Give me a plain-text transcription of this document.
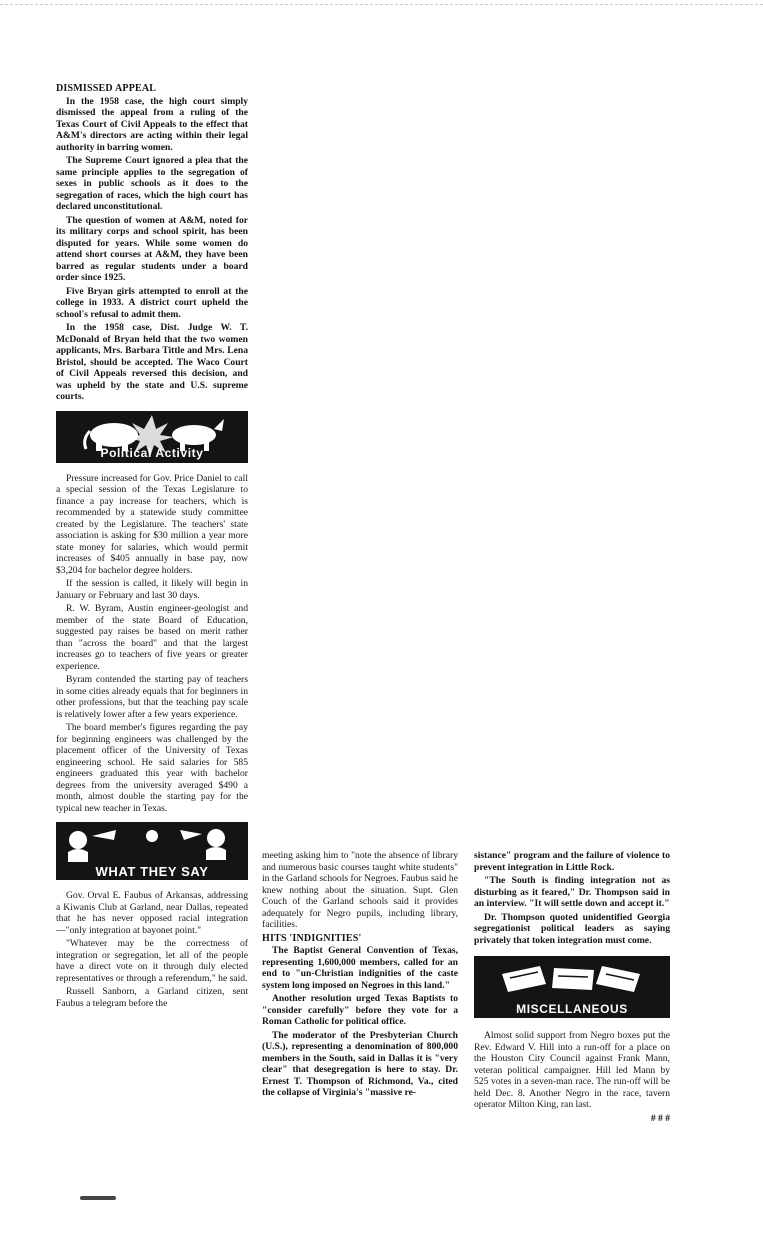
DISMISSED APPEAL

In the 1958 case, the high court simply dismissed the appeal from a ruling of the Texas Court of Civil Appeals to the effect that A&M's directors are acting within their legal authority in barring women.

The Supreme Court ignored a plea that the same principle applies to the segregation of sexes in public schools as it does to the segregation of races, which the high court has declared unconstitutional.

The question of women at A&M, noted for its military corps and school spirit, has been disputed for years. While some women do attend short courses at A&M, they have been barred as regular students under a board order since 1925.

Five Bryan girls attempted to enroll at the college in 1933. A district court upheld the school's refusal to admit them.

In the 1958 case, Dist. Judge W. T. McDonald of Bryan held that the two women applicants, Mrs. Barbara Tittle and Mrs. Lena Bristol, should be accepted. The Waco Court of Civil Appeals reversed this decision, and was upheld by the state and U.S. supreme courts.

Political Activity

Pressure increased for Gov. Price Daniel to call a special session of the Texas Legislature to finance a pay increase for teachers, which is recommended by a statewide study committee created by the Legislature. The teachers' state association is asking for $30 million a year more state money for salaries, which would permit increases of $405 annually in base pay, now $3,204 for bachelor degree holders.

If the session is called, it likely will begin in January or February and last 30 days.

R. W. Byram, Austin engineer-geologist and member of the state Board of Education, suggested pay raises be based on merit rather than "across the board" and that the largest increases go to teachers of five years or greater experience.

Byram contended the starting pay of teachers in some cities already equals that for beginners in other professions, but that the teaching pay scale is relatively lower after a few years experience.

The board member's figures regarding the pay for beginning engineers was challenged by the placement officer of the University of Texas engineering school. He said salaries for 585 engineers graduated this year with bachelor degrees from the university averaged $490 a month, almost double the starting pay for the typical new teacher in Texas.

WHAT THEY SAY

Gov. Orval E. Faubus of Arkansas, addressing a Kiwanis Club at Garland, near Dallas, repeated that he has never opposed racial integration—"only integration at bayonet point."

"Whatever may be the correctness of integration or segregation, let all of the people have a direct vote on it through duly elected representatives or through a referendum," he said.

Russell Sanborn, a Garland citizen, sent Faubus a telegram before the

meeting asking him to "note the absence of library and numerous basic courses taught white students" in the Garland schools for Negroes. Faubus said he knew nothing about the situation. Supt. Glen Couch of the Garland schools said it provides adequately for Negro pupils, including library, facilities.

HITS 'INDIGNITIES'

The Baptist General Convention of Texas, representing 1,600,000 members, called for an end to "un-Christian indignities of the caste system long imposed on Negroes in this land."

Another resolution urged Texas Baptists to "consider carefully" before they vote for a Roman Catholic for political office.

The moderator of the Presbyterian Church (U.S.), representing a denomination of 800,000 members in the South, said in Dallas it is "very clear" that desegregation is here to stay. Dr. Ernest T. Thompson of Richmond, Va., cited the collapse of Virginia's "massive re-

sistance" program and the failure of violence to prevent integration in Little Rock.

"The South is finding integration not as disturbing as it feared," Dr. Thompson said in an interview. "It will settle down and accept it."

Dr. Thompson quoted unidentified Georgia segregationist political leaders as saying privately that token integration must come.

MISCELLANEOUS

Almost solid support from Negro boxes put the Rev. Edward V. Hill into a run-off for a place on the Houston City Council against Frank Mann, veteran political campaigner. Hill led Mann by 525 votes in a seven-man race. The run-off will be held Dec. 8. Another Negro in the race, tavern operator Milton King, ran last.

# # #
